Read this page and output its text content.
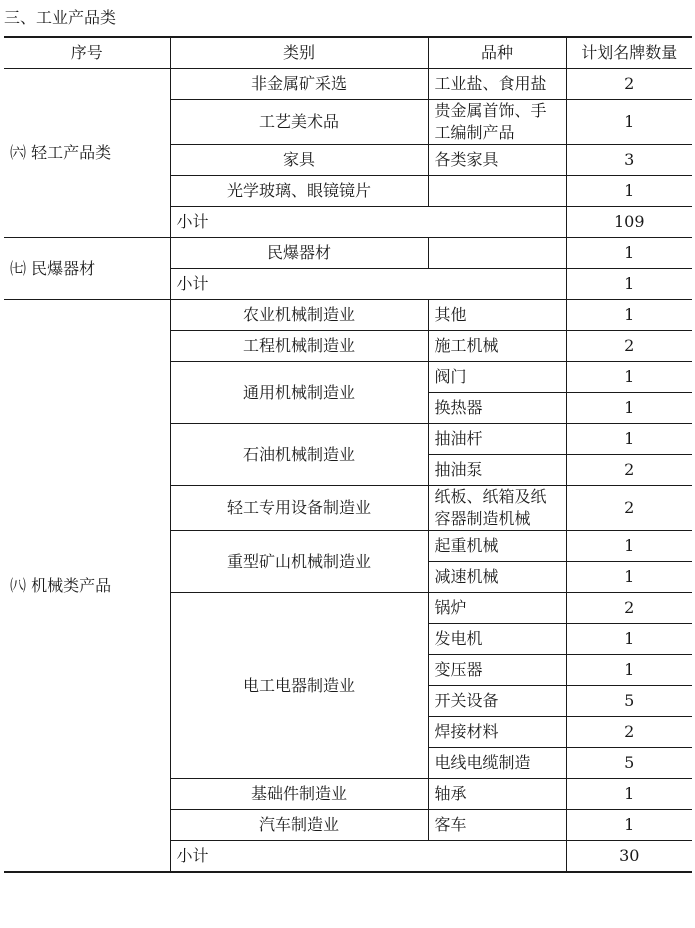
三、工业产品类
序号	类别	品种	计划名牌数量
㈥ 轻工产品类	非金属矿采选	工业盐、食用盐	2
	工艺美术品	贵金属首饰、手工编制产品	1
	家具	各类家具	3
	光学玻璃、眼镜镜片		1
	小计		109
㈦ 民爆器材	民爆器材		1
	小计		1
㈧ 机械类产品	农业机械制造业	其他	1
	工程机械制造业	施工机械	2
	通用机械制造业	阀门	1
		换热器	1
	石油机械制造业	抽油杆	1
		抽油泵	2
	轻工专用设备制造业	纸板、纸箱及纸容器制造机械	2
	重型矿山机械制造业	起重机械	1
		减速机械	1
	电工电器制造业	锅炉	2
		发电机	1
		变压器	1
		开关设备	5
		焊接材料	2
		电线电缆制造	5
	基础件制造业	轴承	1
	汽车制造业	客车	1
	小计		30
